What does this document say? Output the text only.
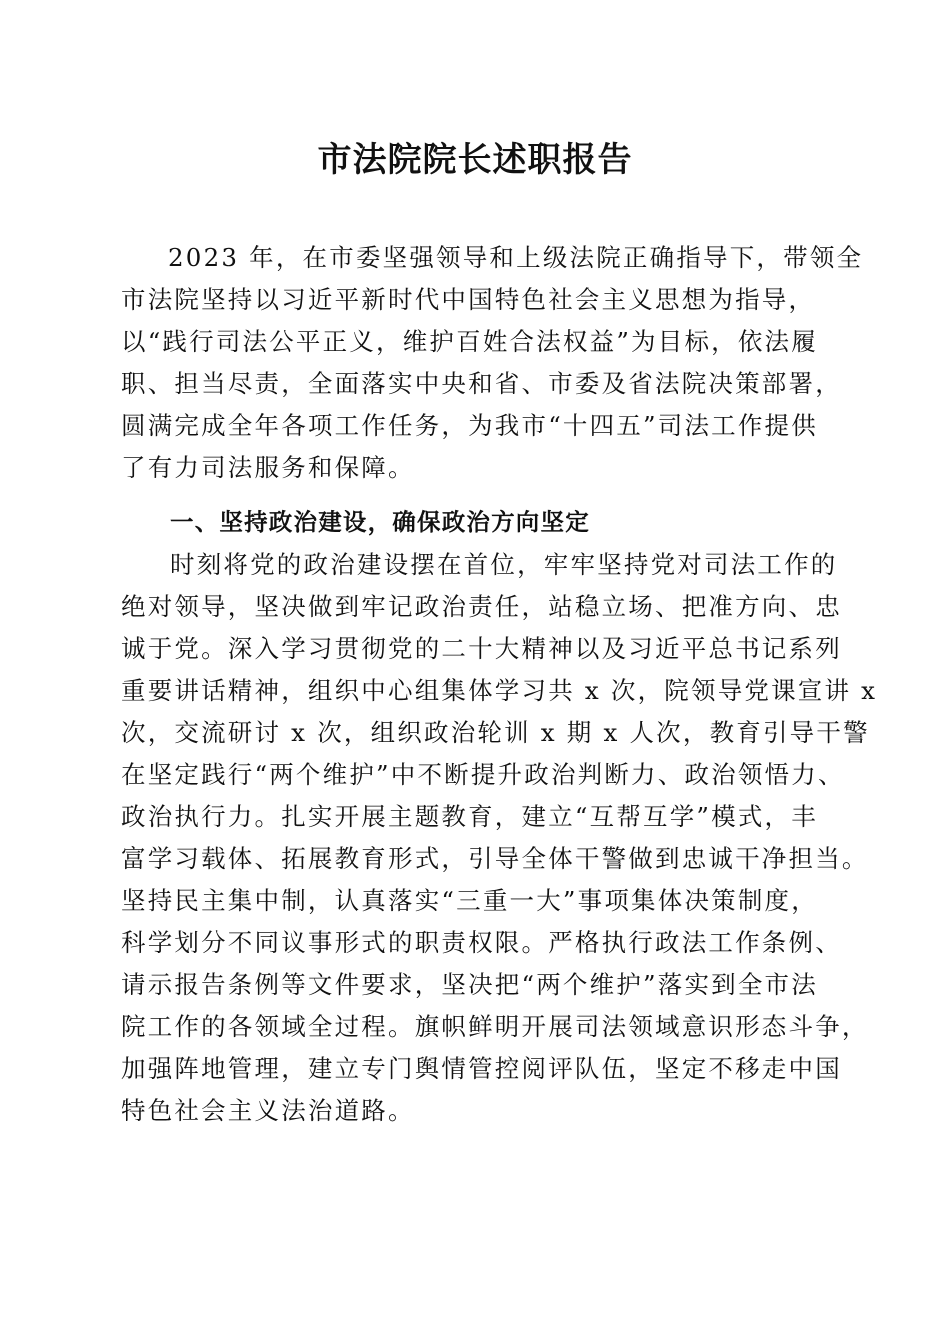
市法院院长述职报告

2023 年，在市委坚强领导和上级法院正确指导下，带领全

市法院坚持以习近平新时代中国特色社会主义思想为指导，

以“践行司法公平正义，维护百姓合法权益”为目标，依法履

职、担当尽责，全面落实中央和省、市委及省法院决策部署，

圆满完成全年各项工作任务，为我市“十四五”司法工作提供

了有力司法服务和保障。

一、坚持政治建设，确保政治方向坚定

时刻将党的政治建设摆在首位，牢牢坚持党对司法工作的

绝对领导，坚决做到牢记政治责任，站稳立场、把准方向、忠

诚于党。深入学习贯彻党的二十大精神以及习近平总书记系列

重要讲话精神，组织中心组集体学习共 x 次，院领导党课宣讲 x

次，交流研讨 x 次，组织政治轮训 x 期 x 人次，教育引导干警

在坚定践行“两个维护”中不断提升政治判断力、政治领悟力、

政治执行力。扎实开展主题教育，建立“互帮互学”模式，丰

富学习载体、拓展教育形式，引导全体干警做到忠诚干净担当。

坚持民主集中制，认真落实“三重一大”事项集体决策制度，

科学划分不同议事形式的职责权限。严格执行政法工作条例、

请示报告条例等文件要求，坚决把“两个维护”落实到全市法

院工作的各领域全过程。旗帜鲜明开展司法领域意识形态斗争，

加强阵地管理，建立专门舆情管控阅评队伍，坚定不移走中国

特色社会主义法治道路。
